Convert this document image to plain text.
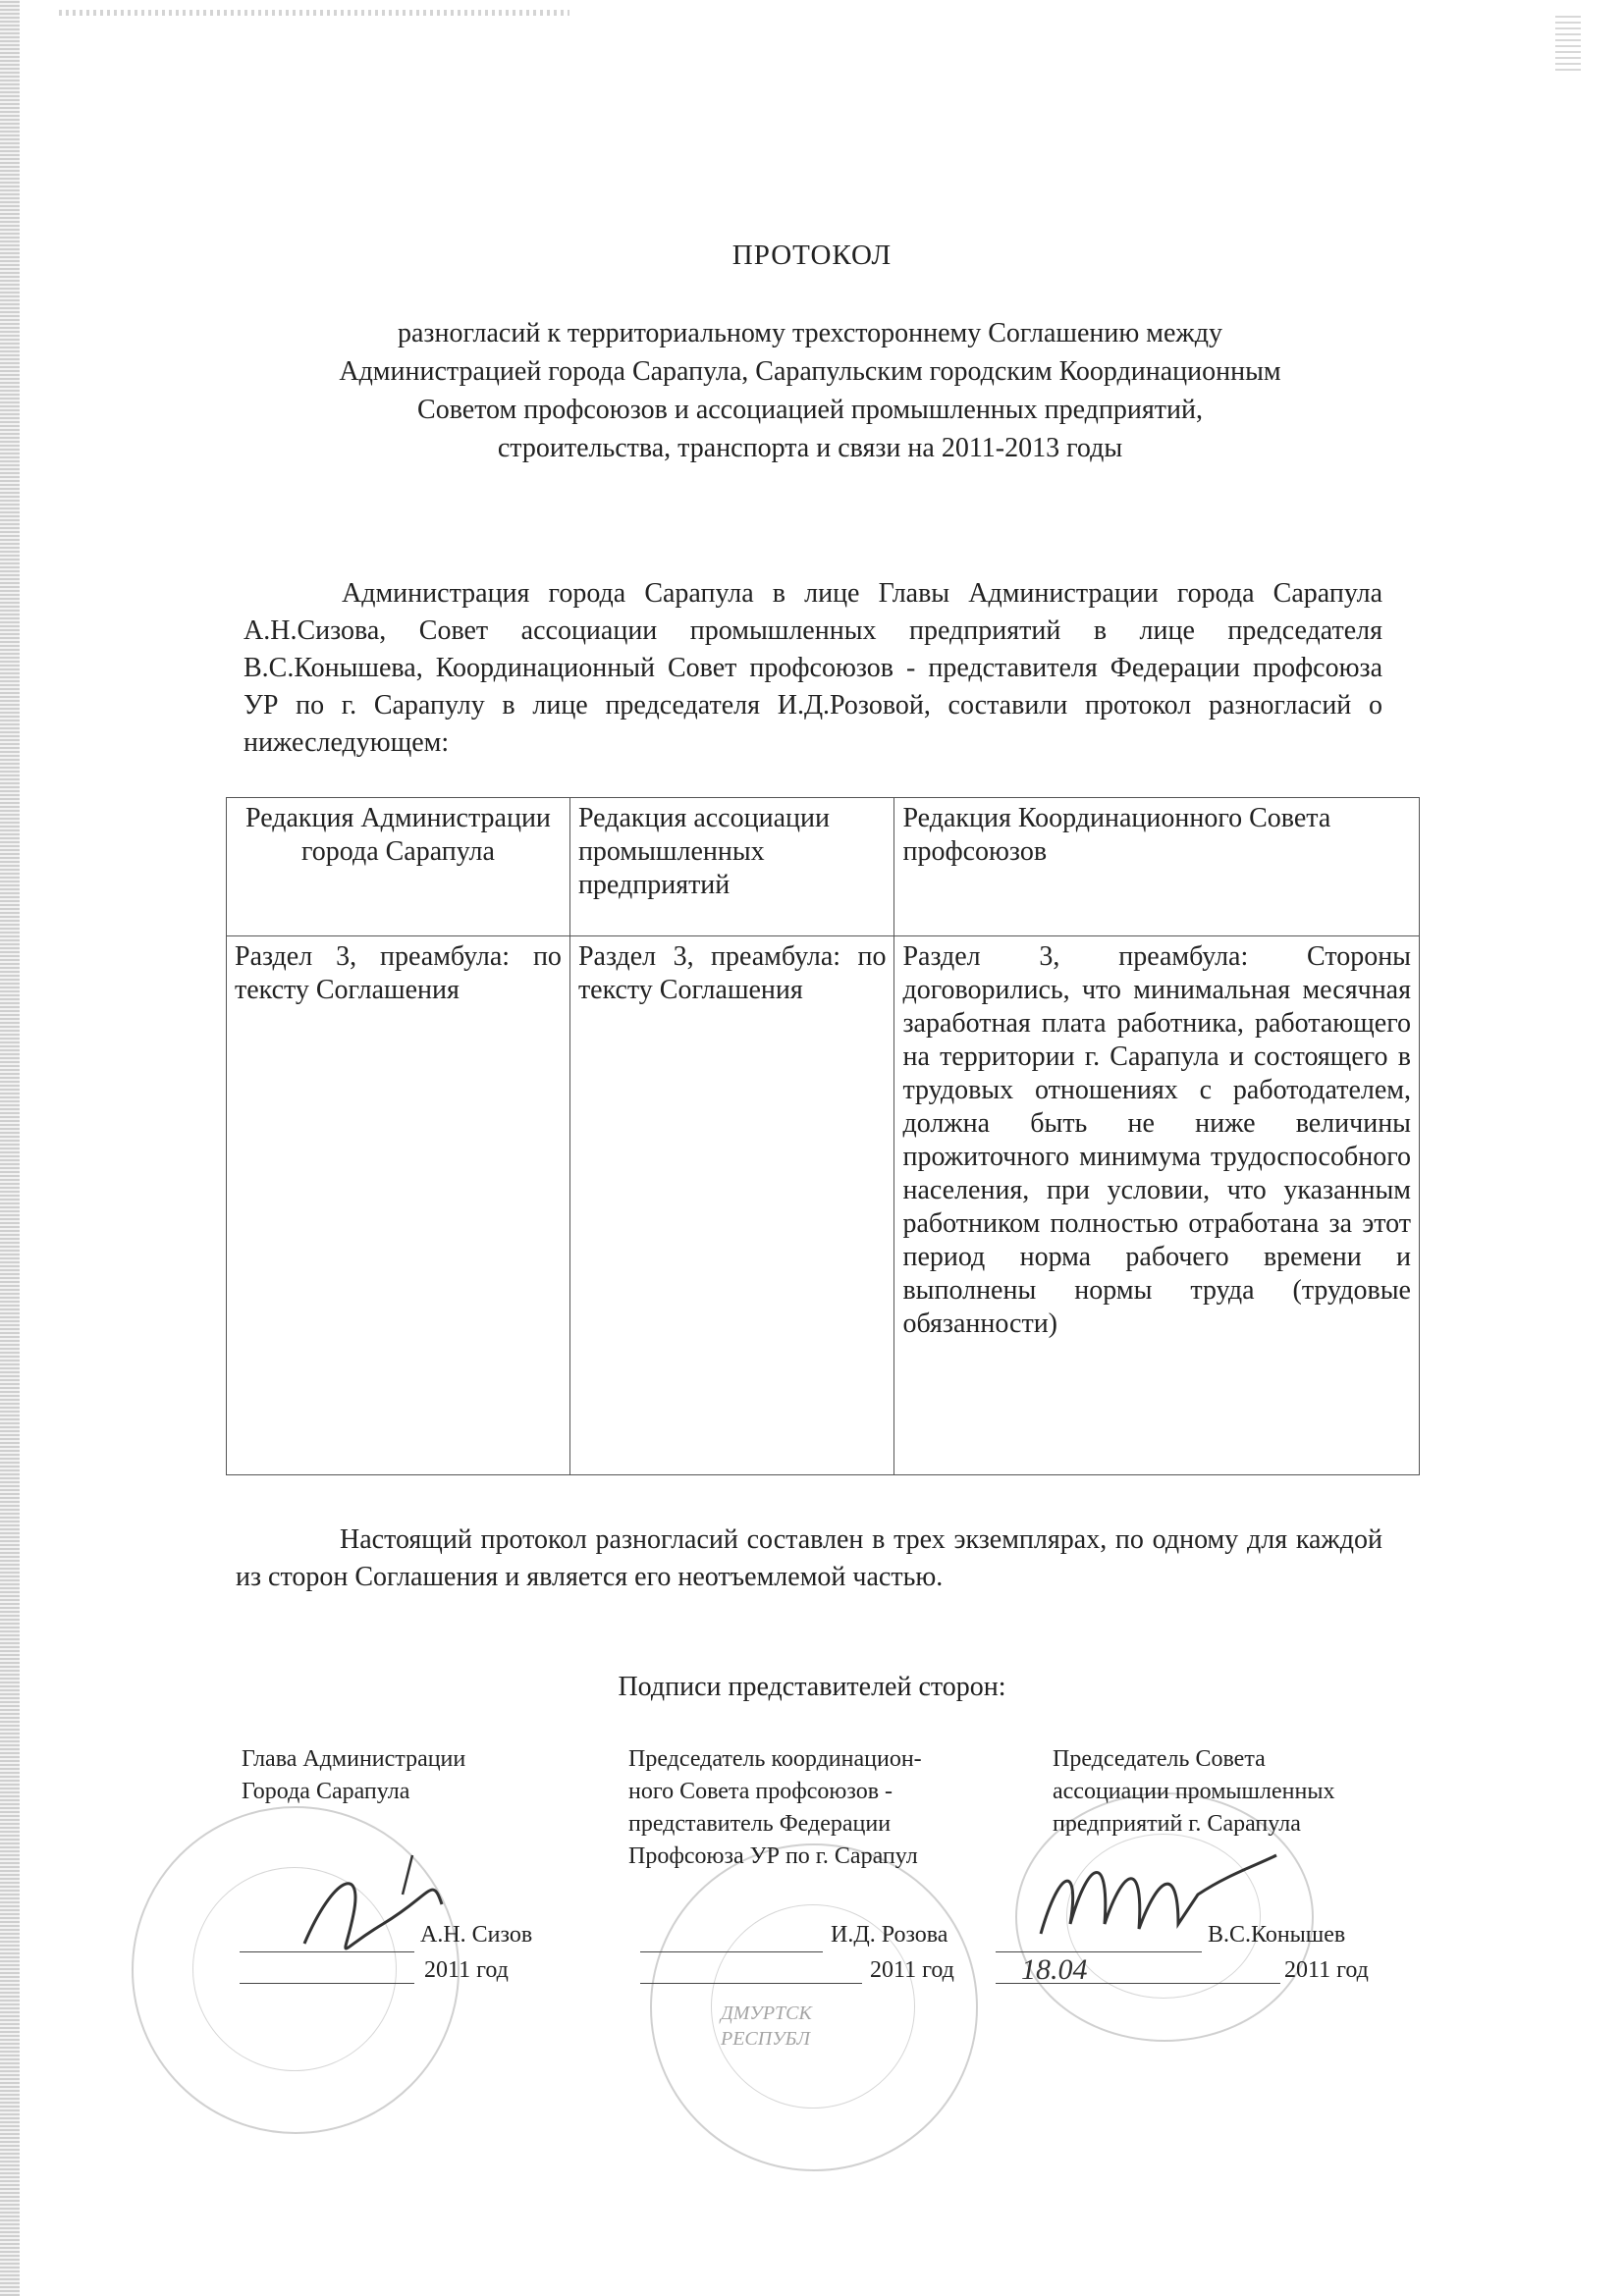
ПРОТОКОЛ

разногласий к территориальному трехстороннему Соглашению между
Администрацией города Сарапула, Сарапульским городским Координационным
Советом профсоюзов и ассоциацией промышленных предприятий,
строительства, транспорта и связи на 2011-2013 годы

Администрация города Сарапула в лице Главы Администрации города Сарапула А.Н.Сизова, Совет ассоциации промышленных предприятий в лице председателя В.С.Конышева, Координационный Совет профсоюзов - представителя Федерации профсоюза УР по г. Сарапулу в лице председателя И.Д.Розовой, составили протокол разногласий о нижеследующем:

Редакция Администрации города Сарапула	Редакция ассоциации промышленных предприятий	Редакция Координационного Совета профсоюзов
Раздел 3, преамбула: по тексту Соглашения	Раздел 3, преамбула: по тексту Соглашения	Раздел 3, преамбула: Стороны договорились, что минимальная месячная заработная плата работника, работающего на территории г. Сарапула и состоящего в трудовых отношениях с работодателем, должна быть не ниже величины прожиточного минимума трудоспособного населения, при условии, что указанным работником полностью отработана за этот период норма рабочего времени и выполнены нормы труда (трудовые обязанности)

Настоящий протокол разногласий составлен в трех экземплярах, по одному для каждой из сторон Соглашения и является его неотъемлемой частью.

Подписи представителей сторон:

ДМУРТСК
РЕСПУБЛ

Глава Администрации

Города Сарапула

А.Н. Сизов
2011 год

Председатель координацион-

ного Совета профсоюзов -

представитель Федерации

Профсоюза УР по г. Сарапул

И.Д. Розова
2011 год

Председатель Совета

ассоциации промышленных

предприятий г. Сарапула

В.С.Конышев
18.04	2011 год
